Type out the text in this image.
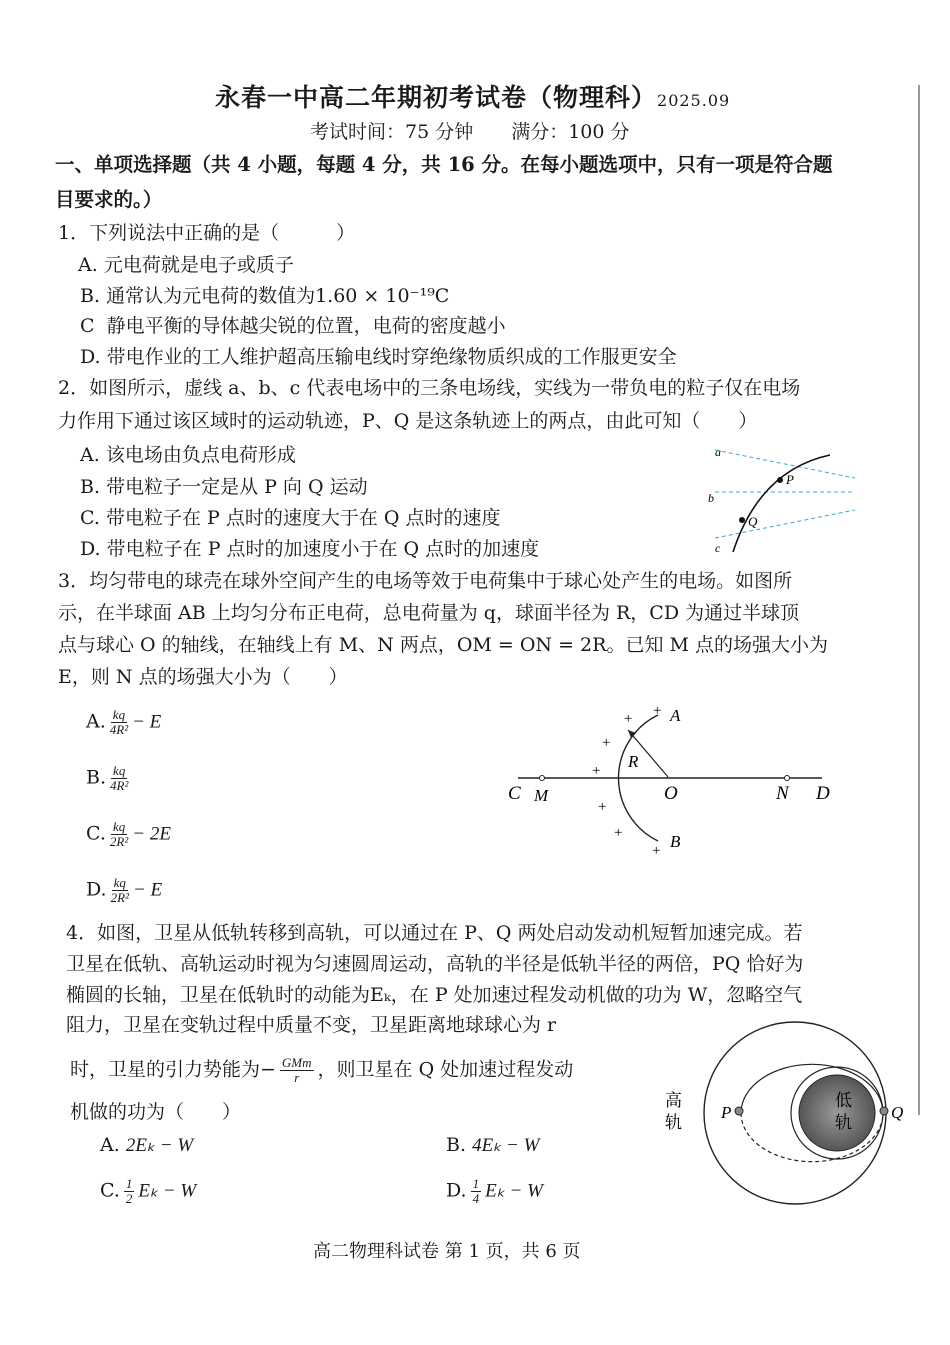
永春一中高二年期初考试卷（物理科）2025.09
考试时间：75 分钟　　满分：100 分
一、单项选择题（共 4 小题，每题 4 分，共 16 分。在每小题选项中，只有一项是符合题
目要求的。）
1．下列说法中正确的是（　　　）
A. 元电荷就是电子或质子
B. 通常认为元电荷的数值为1.60 × 10⁻¹⁹C
C 静电平衡的导体越尖锐的位置，电荷的密度越小
D. 带电作业的工人维护超高压输电线时穿绝缘物质织成的工作服更安全
2．如图所示，虚线 a、b、c 代表电场中的三条电场线，实线为一带负电的粒子仅在电场
力作用下通过该区域时的运动轨迹，P、Q 是这条轨迹上的两点，由此可知（　　）
A. 该电场由负点电荷形成
B. 带电粒子一定是从 P 向 Q 运动
C. 带电粒子在 P 点时的速度大于在 Q 点时的速度
D. 带电粒子在 P 点时的加速度小于在 Q 点时的加速度
a
b
c
P
Q
3．均匀带电的球壳在球外空间产生的电场等效于电荷集中于球心处产生的电场。如图所
示，在半球面 AB 上均匀分布正电荷，总电荷量为 q，球面半径为 R，CD 为通过半球顶
点与球心 O 的轴线，在轴线上有 M、N 两点，OM = ON = 2R。已知 M 点的场强大小为
E，则 N 点的场强大小为（　　）
A. $\frac{kq}{\text{4R²}} - E$
B. $\frac{kq}{\text{4R²}}$
C. $\frac{kq}{\text{2R²}} - 2E$
D. $\frac{kq}{\text{2R²}} - E$
C M	O	N D
R
A
B
+
+
+
+
+
+
+
4．如图，卫星从低轨转移到高轨，可以通过在 P、Q 两处启动发动机短暂加速完成。若
卫星在低轨、高轨运动时视为匀速圆周运动，高轨的半径是低轨半径的两倍，PQ 恰好为
椭圆的长轴，卫星在低轨时的动能为Eₖ，在 P 处加速过程发动机做的功为 W，忽略空气
阻力，卫星在变轨过程中质量不变，卫星距离地球球心为 r
时，卫星的引力势能为− $\frac{\text{GMm}}{r}$ ，则卫星在 Q 处加速过程发动
机做的功为（　　）
A. 2Eₖ − W	B. 4Eₖ − W
C. $\frac{1}{2}$ Eₖ − W	D. $\frac{1}{4}$ Eₖ − W
高
轨
低
轨
P	Q
高二物理科试卷 第 1 页，共 6 页
